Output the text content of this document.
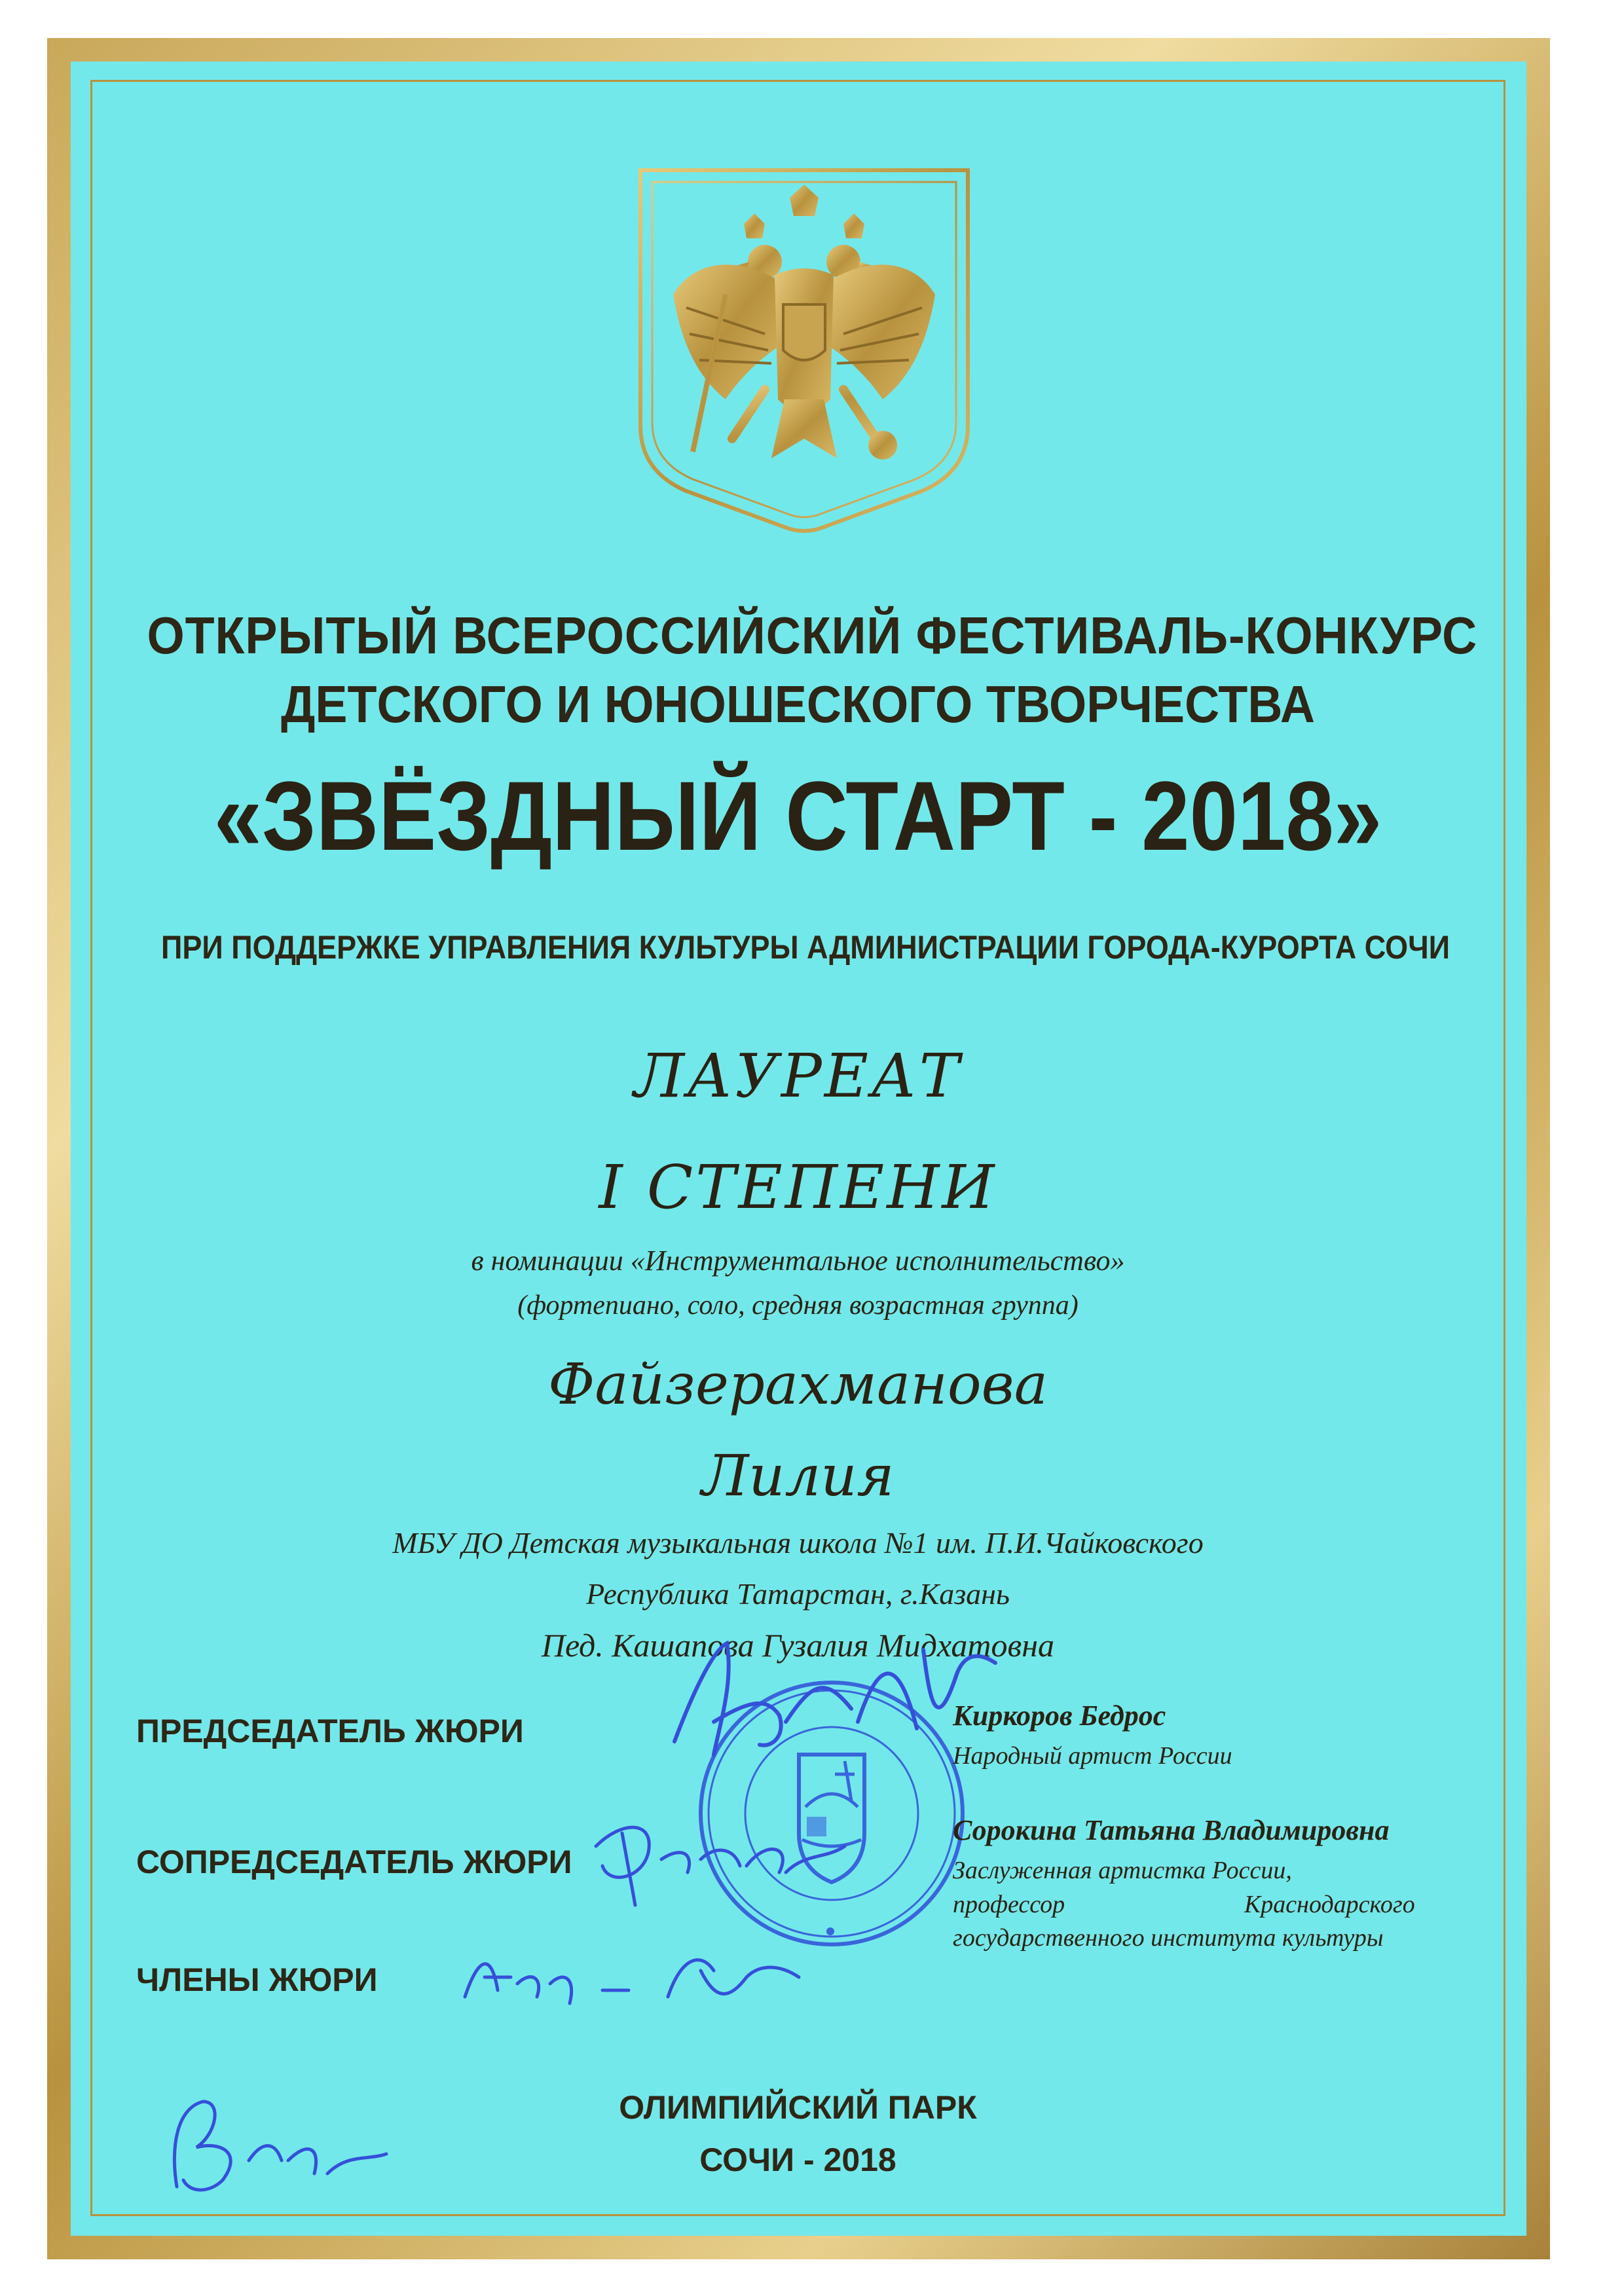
ОТКРЫТЫЙ ВСЕРОССИЙСКИЙ ФЕСТИВАЛЬ-КОНКУРС

ДЕТСКОГО И ЮНОШЕСКОГО ТВОРЧЕСТВА

«ЗВЁЗДНЫЙ СТАРТ - 2018»

ПРИ ПОДДЕРЖКЕ УПРАВЛЕНИЯ КУЛЬТУРЫ АДМИНИСТРАЦИИ ГОРОДА-КУРОРТА СОЧИ

ЛАУРЕАТ

I СТЕПЕНИ

в номинации «Инструментальное исполнительство»

(фортепиано, соло, средняя возрастная группа)

Файзерахманова

Лилия

МБУ ДО Детская музыкальная школа №1 им. П.И.Чайковского

Республика Татарстан, г.Казань

Пед. Кашапова Гузалия Мидхатовна

ПРЕДСЕДАТЕЛЬ ЖЮРИ

СОПРЕДСЕДАТЕЛЬ ЖЮРИ

ЧЛЕНЫ ЖЮРИ

Киркоров Бедрос

Народный артист России

Сорокина Татьяна Владимировна

Заслуженная артистка России,

профессор	Краснодарского

государственного института культуры

ОЛИМПИЙСКИЙ ПАРК

СОЧИ - 2018
